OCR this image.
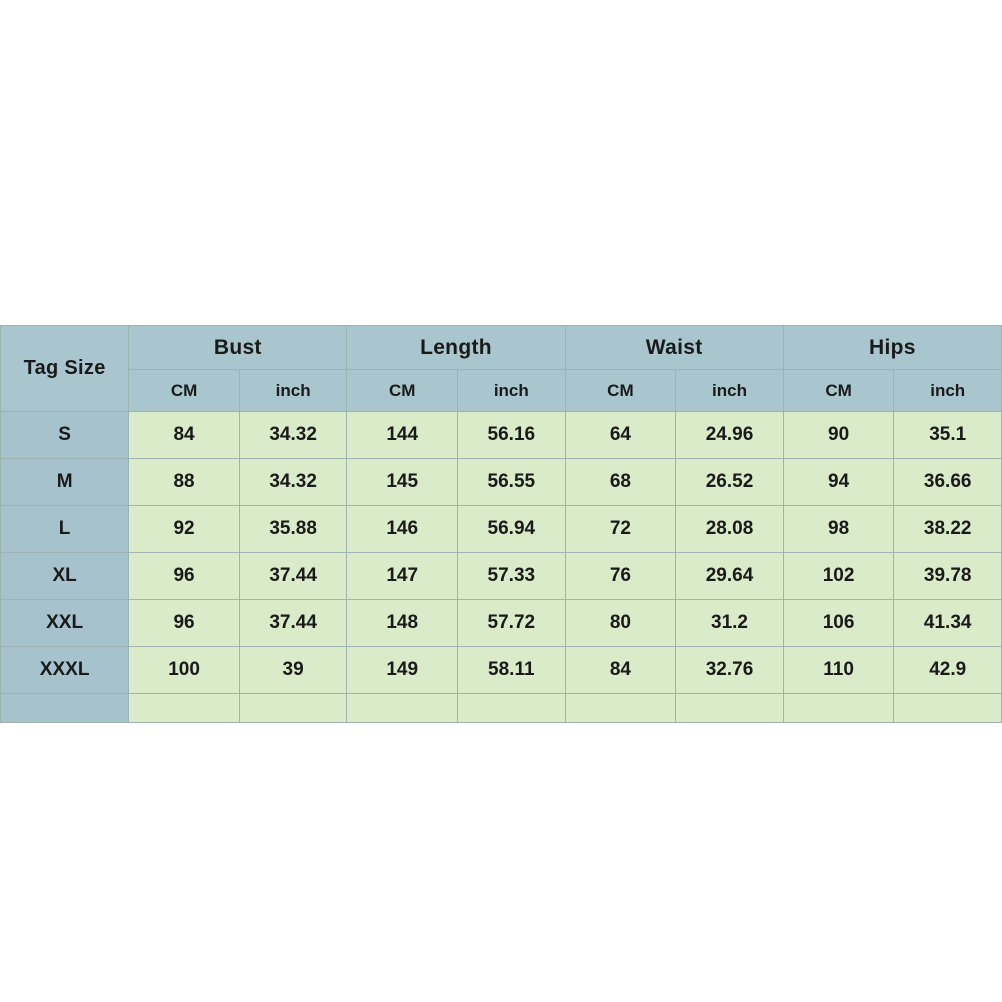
Tag Size	Bust		Length		Waist		Hips	
	CM	inch	CM	inch	CM	inch	CM	inch
S	84	34.32	144	56.16	64	24.96	90	35.1
M	88	34.32	145	56.55	68	26.52	94	36.66
L	92	35.88	146	56.94	72	28.08	98	38.22
XL	96	37.44	147	57.33	76	29.64	102	39.78
XXL	96	37.44	148	57.72	80	31.2	106	41.34
XXXL	100	39	149	58.11	84	32.76	110	42.9
